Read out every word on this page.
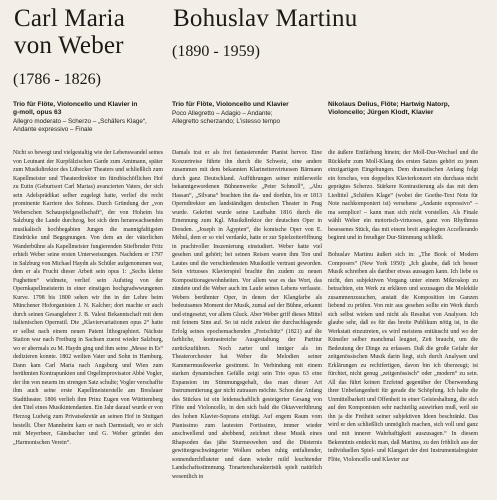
Carl Maria
von Weber
(1786 - 1826)
Trio für Flöte, Violoncello und Klavier in
g-moll, opus 63
Allegro moderato – Scherzo – „Schäfers Klage“,
Andante expressivo – Finale
Bohuslav Martinu
(1890 - 1959)
Trio für Flöte, Violoncello und Klavier
Poco Allegretto – Adagio – Andante;
Allegretto scherzando; L'istesso tempo
Nikolaus Delius, Flöte; Hartwig Natorp,
Violoncello; Jürgen Klodt, Klavier

Nicht so bewegt und vielgestaltig wie der Lebenswandel seines von Leutnant der Kurpfälzischen Garde zum Amtmann, später zum Musikdirektor des Lübecker Theaters und schließlich zum Kapellmeister und Theaterdirektor im fürstbischöflichen Hof zu Eutin (Geburtsort Carl Marias) avancierten Vaters, der sich sein Adelsprädikat selber zugelegt hatte, verlief die recht prominente Karriere des Sohnes. Durch Gründung der „von Weberschen Schauspielgesellschaft“, der von Hoheim bis Salzburg die Lande durchzog, bot sich dem heranwachsenden musikalisch hochbegabten Jungen die mannigfaltigsten Eindrücke und Begegnungen. Von dem an der väterlichen Wanderbühne als Kapellmeister fungierenden Stiefbruder Fritz erhielt Weber seine ersten Unterweisungen. Nachdem er 1797 in Salzburg von Michael Haydn als Schüler aufgenommen war, dem er als Frucht dieser Arbeit sein opus 1: „Sechs kleine Fughetten“ widmete, verlief sein Aufstieg von der Opernkapellmeisterin in einer einstigen hochgradwwungenen Kurve. 1798 bis 1800 sehen wir ihn in der Lehre beim Münchener Hoforganisten J. N. Kalcher; dort machte er auch durch seinen Gesanglehrer J. B. Valesi Bekanntschaft mit dem italienischen Opernstil. Die „Klaviervariationen opus 2“ hatte er selbst nach einem neuen Patent lithographiert. Nächste Station war nach Freiburg in Sachsen zuerst wieder Salzburg, wo er abermals zu M. Haydn ging und ihm seine „Messe in Es“ dedizieren konnte. 1802 weilten Vater und Sohn in Hamburg. Dann kam Carl Maria nach Augsburg und Wien zum berühmten Kontrapunkten und Orgelimprovisator Abbé Vogler, der ihn von neuem im strengen Satz schulte; Vogler verschaffte ihm auch seine erste Kapellmeisterstelle am Breslauer Stadttheater. 1806 verlieh ihm Prinz Eugen von Württemberg den Titel eines Musikintendanten. Ein Jahr darauf wurde er von Herzog Ludwig zum Privatsekretär an seinen Hof in Stuttgart bestellt. Über Mannheim kam er nach Darmstadt, wo er sich mit Meyerbeer, Gänsbacher und G. Weber gründet den „Harmonischen Verein“.

Damals trat er als frei fantasierender Pianist hervor. Eine Konzertreise führte ihn durch die Schweiz, eine andere zusammen mit dem bekannten Klarinettenvirtuosen Bärmann durch ganz Deutschland. Aufführungen seiner mittlerweile bekanntgewordenen Bühnenwerke „Peter Schmoll“, „Abu Hassan“, „Silvana“ brachten ihn da- und dorthin, bis er 1813 Operndirektor am landständigen deutschen Theater in Prag wurde. Gekrönt wurde seine Laufbahn 1816 durch die Ernennung zum Kgl. Musikdirektor der deutschen Oper in Dresden. „Joseph in Ägypten“, die komische Oper von E. Méhul, dem er so viel verdankt, hatte er zur Spielzeiteröffnung in prachtvoller Inszenierung einstudiert. Weber hatte viel gesehen und gehört; bei seinen Reisen waren ihm Ton und Lautes und die verschiedensten Musikstile vertraut geworden. Sein virtuoses Klavierspiel brachte ihn zudem zu neuen Kompositionsgewohnheiten. Vor allem war es das Wort, das zündete und die Weber auch im Laufe seines Lebens verfasste. Webers berühmter Oper, in denen der Klangfarbe als bedeutsames Moment der Musik, zumal auf der Bühne, erkannt und eingesetzt, vor allem Gluck. Aber Weber griff dieses Mittel mit feinem Sinn auf. So ist nicht zuletzt der durchschlagende Erfolg seines epochemachenden „Freischütz“ (1821) auf die farbliche, kontrastreiche Ausgestaltung der Partitur zurückzuführen. Noch zarter und inniger als im Theaterorchester hat Weber die Melodien seiner Kammermusikwerke gestimmt. In Verbindung mit einem starken dynamischen Gefälle zeigt sein Trio opus 63 eine Expansion im Stimmungsgehalt, das man dieser Art Instrumentierung gar nicht zutrauen möchte. Schon der Anfang des Stückes ist ein leidenschaftlich gesteigerter Gesang von Flöte und Violoncello, in den sich bald die Oktavverführung des hohen Klavier-Soprans einfügt. Auf engem Raum vom Pianissimo zum lautesten Fortissimo, immer wieder anschwellend und abebbend, zeichnet diese Musik eines Rhapsoden das jähe Sturmeswehen und die Düsternis gewittergeschwängerter Wolken neben ruhig entfaltender, sonnendurchfluteter und dann wieder mild leuchtender Landschaftsstimmung. Tonartencharakteristik spielt natürlich wesentlich in

die äußere Entfärbung hinein; der Moll-Dur-Wechsel und die Rückkehr zum Moll-Klang des ersten Satzes gehört zu jenen einzigartigen Eingebungen. Dem dramatischen Anfang folgt ein forsches, von doppeltes Klavierkonzert ein durchaus nicht geprägtes Scherzo. Stärkere Kontrastierung als das mit dem Liedtitel „Schäfers Klage“ (wobei der Goethe-Text Note für Note nachkomponiert ist) versehene „Andante expressivo“ – ma semplice! – kann man sich nicht vorstellen. Als Finale wählt Weber ein motorisch-virtuoses, ganz von Rhythmus besessenes Stück, das mit einem breit angelegten Accellerando beginnt und in freudiger Dur-Stimmung schließt.

Bohuslav Martinu äußert sich in: „The Book of Modern Composers“ (New York 1950): „Ich glaube, daß ich besser Musik schreiben als darüber etwas aussagen kann. Ich liebe es nicht, den subjektiven Vorgang unter einem Mikroskop zu betrachten, ein Werk zu erklären und sozusagen die Moleküle zusammenzusuchen, anstatt die Komposition im Ganzen liebend zu prüfen. Von mir aus gesehen sollte ein Werk durch sich selbst wirken und nicht als Resultat von Analysen. Ich glaube sehr, daß es für das breite Publikum nötig ist, in die Werkstatt einzutreten, es wird meistens enttäuscht und wo der Künstler selber manchmal leugnet, Zeit braucht, um die Bedeutung der Dinge zu erfassen. Daß die große Gefahr der zeitgenössischen Musik darin liegt, sich durch Analysen und Erklärungen zu rechtfertigen, davon bin ich überzeugt; ist fürchtet, nicht genug „zeitgenössisch“ oder „modern“ zu sein. All das führt keinen Erzfeind gegenüber der Überwendung ihrer Unbefangenheit für gerade die Schöpfung. Ich halte die Unmittelbarkeit und Offenheit in einer Geisteshaltung, die sich auf den Komponisten sehr nachteilig auswirken muß, weil sie ihn ja die Freiheit seiner subjektiven Ideen beschränkt. Das wird er den schließlich unmöglich machen, sich voll und ganz und mit innerer Wahrhaftigkeit auszusagen.“ In diesem Bekenntnis entdeckt man, daß Martinu, zu den fröhlich aus der individuellen Spiel- und Klangart der drei Instrumentalregister Flöte, Violoncello und Klavier zur
